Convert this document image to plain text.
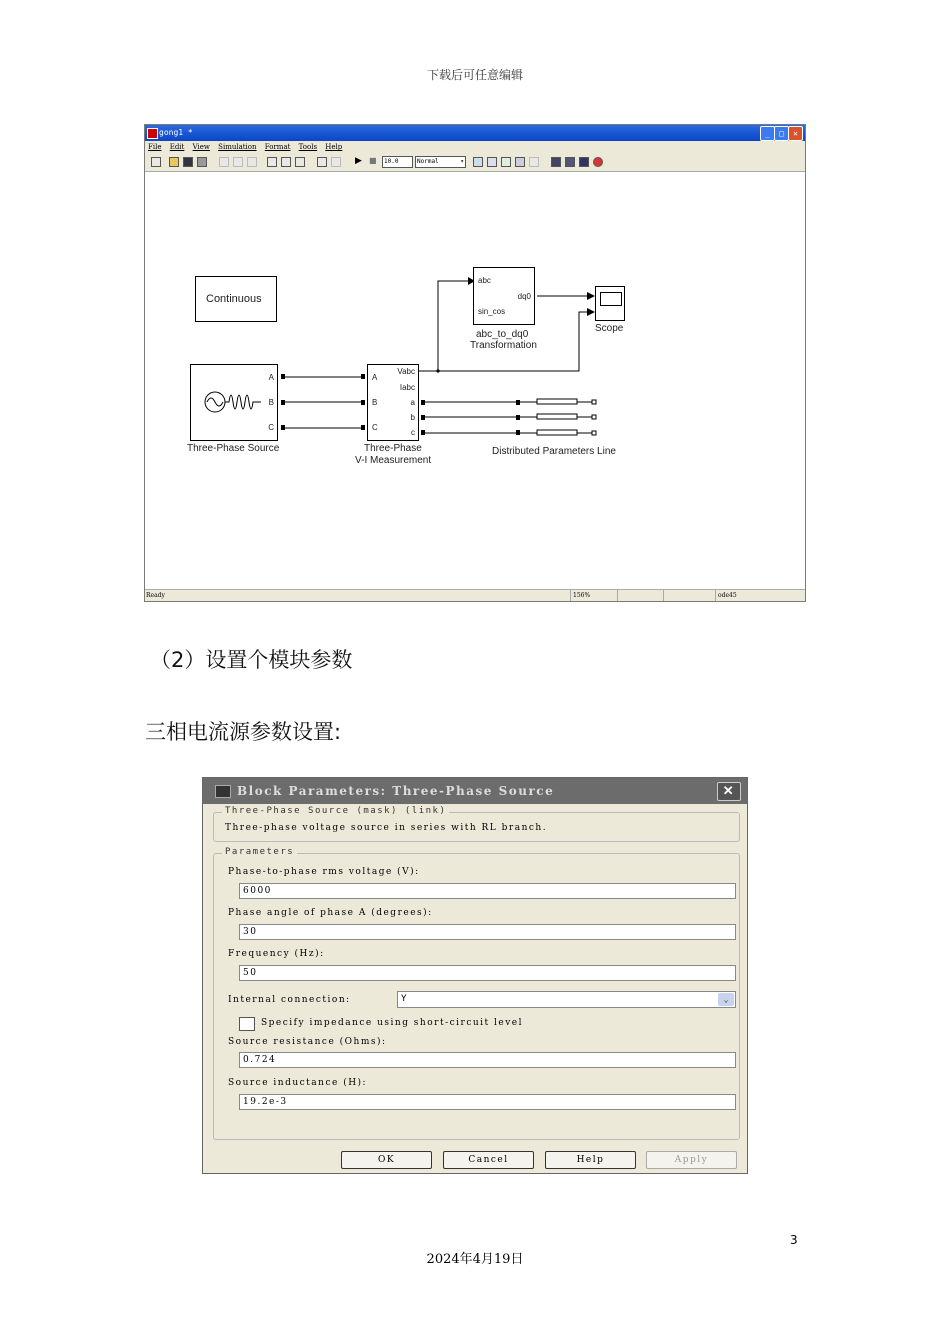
下载后可任意编辑
gong1 *	_	□	✕
File Edit View Simulation Format Tools Help
▶ ■	10.0	Normal	▾
Continuous
A
B
C
Three-Phase Source
A
B
C
Vabc
Iabc
a
b
c
Three-Phase
V-I Measurement
abc
sin_cos
dq0
abc_to_dq0
Transformation
Scope
Distributed Parameters Line
Ready	156%	ode45
（2）设置个模块参数
三相电流源参数设置:
Block Parameters: Three-Phase Source	✕
Three-Phase Source (mask) (link)
Three-phase voltage source in series with RL branch.
Parameters
Phase-to-phase rms voltage (V):
6000
Phase angle of phase A (degrees):
30
Frequency (Hz):
50
Internal connection:	Y	⌄
Specify impedance using short-circuit level
Source resistance (Ohms):
0.724
Source inductance (H):
19.2e-3
OK	Cancel	Help	Apply
3
2024年4月19日
